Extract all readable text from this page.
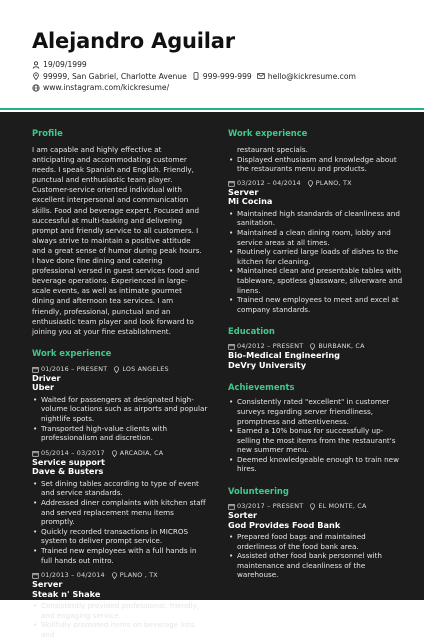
Alejandro Aguilar
19/09/1999
99999, San Gabriel, Charlotte Avenue 999-999-999 hello@kickresume.com
www.instagram.com/kickresume/
Profile
I am capable and highly effective at anticipating and accommodating customer needs. I speak Spanish and English. Friendly, punctual and enthusiastic team player. Customer-service oriented individual with excellent interpersonal and communication skills. Food and beverage expert. Focused and successful at multi-tasking and delivering prompt and friendly service to all customers. I always strive to maintain a positive attitude and a great sense of humor during peak hours. I have done fine dining and catering professional versed in guest services food and beverage operations. Experienced in large-scale events, as well as intimate gourmet dining and afternoon tea services. I am friendly, professional, punctual and an enthusiastic team player and look forward to joining you at your fine establishment.
Work experience
01/2016 – PRESENT LOS ANGELES
Driver
Uber
• Waited for passengers at designated high-volume locations such as airports and popular nightlife spots.
• Transported high-value clients with professionalism and discretion.
05/2014 – 03/2017 ARCADIA, CA
Service support
Dave & Busters
• Set dining tables according to type of event and service standards.
• Addressed diner complaints with kitchen staff and served replacement menu items promptly.
• Quickly recorded transactions in MICROS system to deliver prompt service.
• Trained new employees with a full hands in full hands out mitro.
01/2013 – 04/2014 PLANO , TX
Server
Steak n' Shake
• Consistently provided professional, friendly, and engaging service.
• Skillfully promoted items on beverage lists and
Work experience
restaurant specials.
• Displayed enthusiasm and knowledge about the restaurants menu and products.
03/2012 – 04/2014 PLANO, TX
Server
Mi Cocina
• Maintained high standards of cleanliness and sanitation.
• Maintained a clean dining room, lobby and service areas at all times.
• Routinely carried large loads of dishes to the kitchen for cleaning.
• Maintained clean and presentable tables with tableware, spotless glassware, silverware and linens.
• Trained new employees to meet and excel at company standards.
Education
04/2012 – PRESENT BURBANK, CA
Bio-Medical Engineering
DeVry University
Achievements
• Consistently rated "excellent" in customer surveys regarding server friendliness, promptness and attentiveness.
• Earned a 10% bonus for successfully up-selling the most items from the restaurant's new summer menu.
• Deemed knowledgeable enough to train new hires.
Volunteering
03/2017 – PRESENT EL MONTE, CA
Sorter
God Provides Food Bank
• Prepared food bags and maintained orderliness of the food bank area.
• Assisted other food bank personnel with maintenance and cleanliness of the warehouse.
